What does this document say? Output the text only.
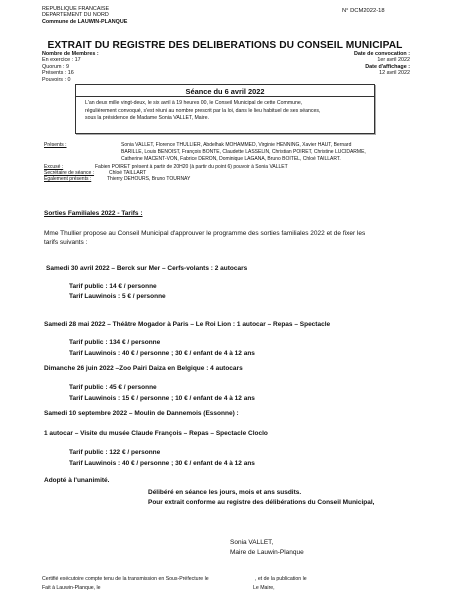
REPUBLIQUE FRANCAISE
DEPARTEMENT DU NORD
Commune de LAUWIN-PLANQUE
N° DCM2022-18
EXTRAIT DU REGISTRE DES DELIBERATIONS DU CONSEIL MUNICIPAL
Nombre de Membres :
En exercice : 17
Quorum : 9
Présents : 16
Pouvoirs : 0
Date de convocation :
1er avril 2022
Date d'affichage :
12 avril 2022
Séance du 6 avril 2022
L'an deux mille vingt-deux, le six avril à 19 heures 00, le Conseil Municipal de cette Commune,
régulièrement convoqué, s'est réuni au nombre prescrit par la loi, dans le lieu habituel de ses séances,
sous la présidence de Madame Sonia VALLET, Maire.
Présents :	Sonia VALLET, Florence THULLIER, Abdelhak MOHAMMED, Virginie HENNING, Xavier HAUT, Bernard
BARILLE, Louis BENOIST, François BONTE, Claudette LASSELIN, Christian POIRET, Christine LUCIDARME,
Catherine MACENT-VON, Fabrice DERON, Dominique LAGANA, Bruno BOITEL, Chloé TAILLART.
Excusé :	Fabien POIRET présent à partir de 20H20 (à partir du point 6) pouvoir à Sonia VALLET
Secrétaire de séance :	Chloé TAILLART
Egalement présents :	Thierry DEHOURS, Bruno TOURNAY
Sorties Familiales 2022 - Tarifs :
Mme Thullier propose au Conseil Municipal d'approuver le programme des sorties familiales 2022 et de fixer les
tarifs suivants :
Samedi 30 avril 2022 – Berck sur Mer – Cerfs-volants : 2 autocars
Tarif public : 14 € / personne
Tarif Lauwinois : 5 € / personne
Samedi 28 mai 2022 – Théâtre Mogador à Paris – Le Roi Lion : 1 autocar – Repas – Spectacle
Tarif public : 134 € / personne
Tarif Lauwinois : 40 € / personne ; 30 € / enfant de 4 à 12 ans
Dimanche 26 juin 2022 –Zoo Pairi Daiza en Belgique : 4 autocars
Tarif public : 45 € / personne
Tarif Lauwinois : 15 € / personne ; 10 € / enfant de 4 à 12 ans
Samedi 10 septembre 2022 – Moulin de Dannemois (Essonne) :
1 autocar – Visite du musée Claude François – Repas – Spectacle Cloclo
Tarif public : 122 € / personne
Tarif Lauwinois : 40 € / personne ; 30 € / enfant de 4 à 12 ans
Adopté à l'unanimité.
Délibéré en séance les jours, mois et ans susdits.
Pour extrait conforme au registre des délibérations du Conseil Municipal,
Sonia VALLET,
Maire de Lauwin-Planque
Certifié exécutoire compte tenu de la transmission en Sous-Préfecture le	, et de la publication le
Fait à Lauwin-Planque, le	Le Maire,
